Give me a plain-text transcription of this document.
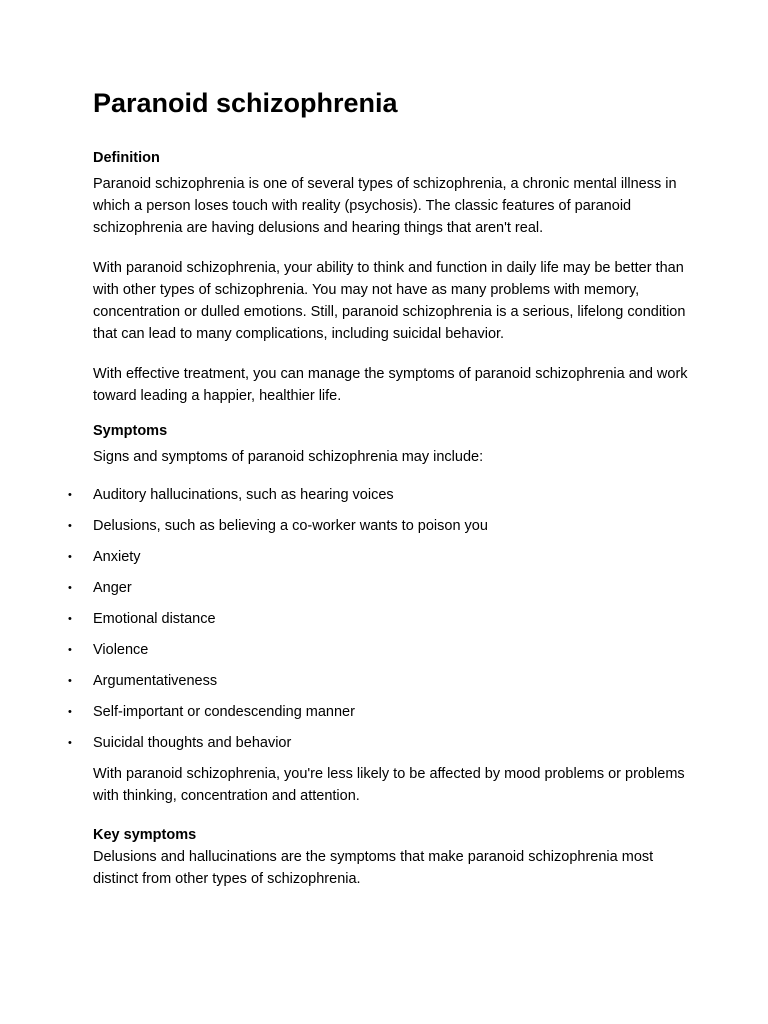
Paranoid schizophrenia
Definition

Paranoid schizophrenia is one of several types of schizophrenia, a chronic mental illness in which a person loses touch with reality (psychosis). The classic features of paranoid schizophrenia are having delusions and hearing things that aren't real.

With paranoid schizophrenia, your ability to think and function in daily life may be better than with other types of schizophrenia. You may not have as many problems with memory, concentration or dulled emotions. Still, paranoid schizophrenia is a serious, lifelong condition that can lead to many complications, including suicidal behavior.

With effective treatment, you can manage the symptoms of paranoid schizophrenia and work toward leading a happier, healthier life.

Symptoms

Signs and symptoms of paranoid schizophrenia may include:

• Auditory hallucinations, such as hearing voices
• Delusions, such as believing a co-worker wants to poison you
• Anxiety
• Anger
• Emotional distance
• Violence
• Argumentativeness
• Self-important or condescending manner
• Suicidal thoughts and behavior

With paranoid schizophrenia, you're less likely to be affected by mood problems or problems with thinking, concentration and attention.

Key symptoms

Delusions and hallucinations are the symptoms that make paranoid schizophrenia most distinct from other types of schizophrenia.
